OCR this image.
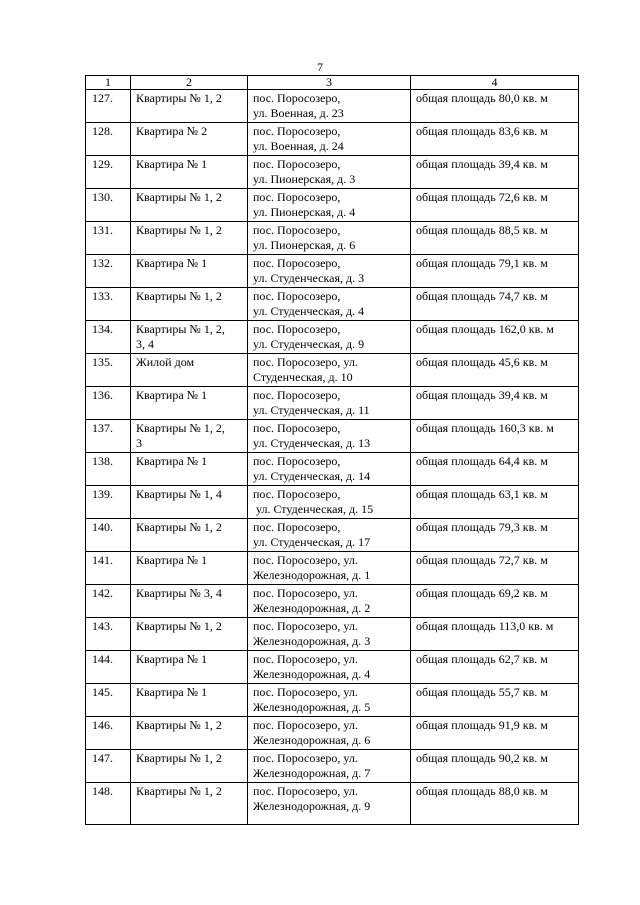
7
1	2	3	4
127.	Квартиры № 1, 2	пос. Поросозеро,
ул. Военная, д. 23	общая площадь 80,0 кв. м
128.	Квартира № 2	пос. Поросозеро,
ул. Военная, д. 24	общая площадь 83,6 кв. м
129.	Квартира № 1	пос. Поросозеро,
ул. Пионерская, д. 3	общая площадь 39,4 кв. м
130.	Квартиры № 1, 2	пос. Поросозеро,
ул. Пионерская, д. 4	общая площадь 72,6 кв. м
131.	Квартиры № 1, 2	пос. Поросозеро,
ул. Пионерская, д. 6	общая площадь 88,5 кв. м
132.	Квартира № 1	пос. Поросозеро,
ул. Студенческая, д. 3	общая площадь 79,1 кв. м
133.	Квартиры № 1, 2	пос. Поросозеро,
ул. Студенческая, д. 4	общая площадь 74,7 кв. м
134.	Квартиры № 1, 2,
3, 4	пос. Поросозеро,
ул. Студенческая, д. 9	общая площадь 162,0 кв. м
135.	Жилой дом	пос. Поросозеро, ул.
Студенческая, д. 10	общая площадь 45,6 кв. м
136.	Квартира № 1	пос. Поросозеро,
ул. Студенческая, д. 11	общая площадь 39,4 кв. м
137.	Квартиры № 1, 2,
3	пос. Поросозеро,
ул. Студенческая, д. 13	общая площадь 160,3 кв. м
138.	Квартира № 1	пос. Поросозеро,
ул. Студенческая, д. 14	общая площадь 64,4 кв. м
139.	Квартиры № 1, 4	пос. Поросозеро,
ул. Студенческая, д. 15	общая площадь 63,1 кв. м
140.	Квартиры № 1, 2	пос. Поросозеро,
ул. Студенческая, д. 17	общая площадь 79,3 кв. м
141.	Квартира № 1	пос. Поросозеро, ул.
Железнодорожная, д. 1	общая площадь 72,7 кв. м
142.	Квартиры № 3, 4	пос. Поросозеро, ул.
Железнодорожная, д. 2	общая площадь 69,2 кв. м
143.	Квартиры № 1, 2	пос. Поросозеро, ул.
Железнодорожная, д. 3	общая площадь 113,0 кв. м
144.	Квартира № 1	пос. Поросозеро, ул.
Железнодорожная, д. 4	общая площадь 62,7 кв. м
145.	Квартира № 1	пос. Поросозеро, ул.
Железнодорожная, д. 5	общая площадь 55,7 кв. м
146.	Квартиры № 1, 2	пос. Поросозеро, ул.
Железнодорожная, д. 6	общая площадь 91,9 кв. м
147.	Квартиры № 1, 2	пос. Поросозеро, ул.
Железнодорожная, д. 7	общая площадь 90,2 кв. м
148.	Квартиры № 1, 2	пос. Поросозеро, ул.
Железнодорожная, д. 9	общая площадь 88,0 кв. м
